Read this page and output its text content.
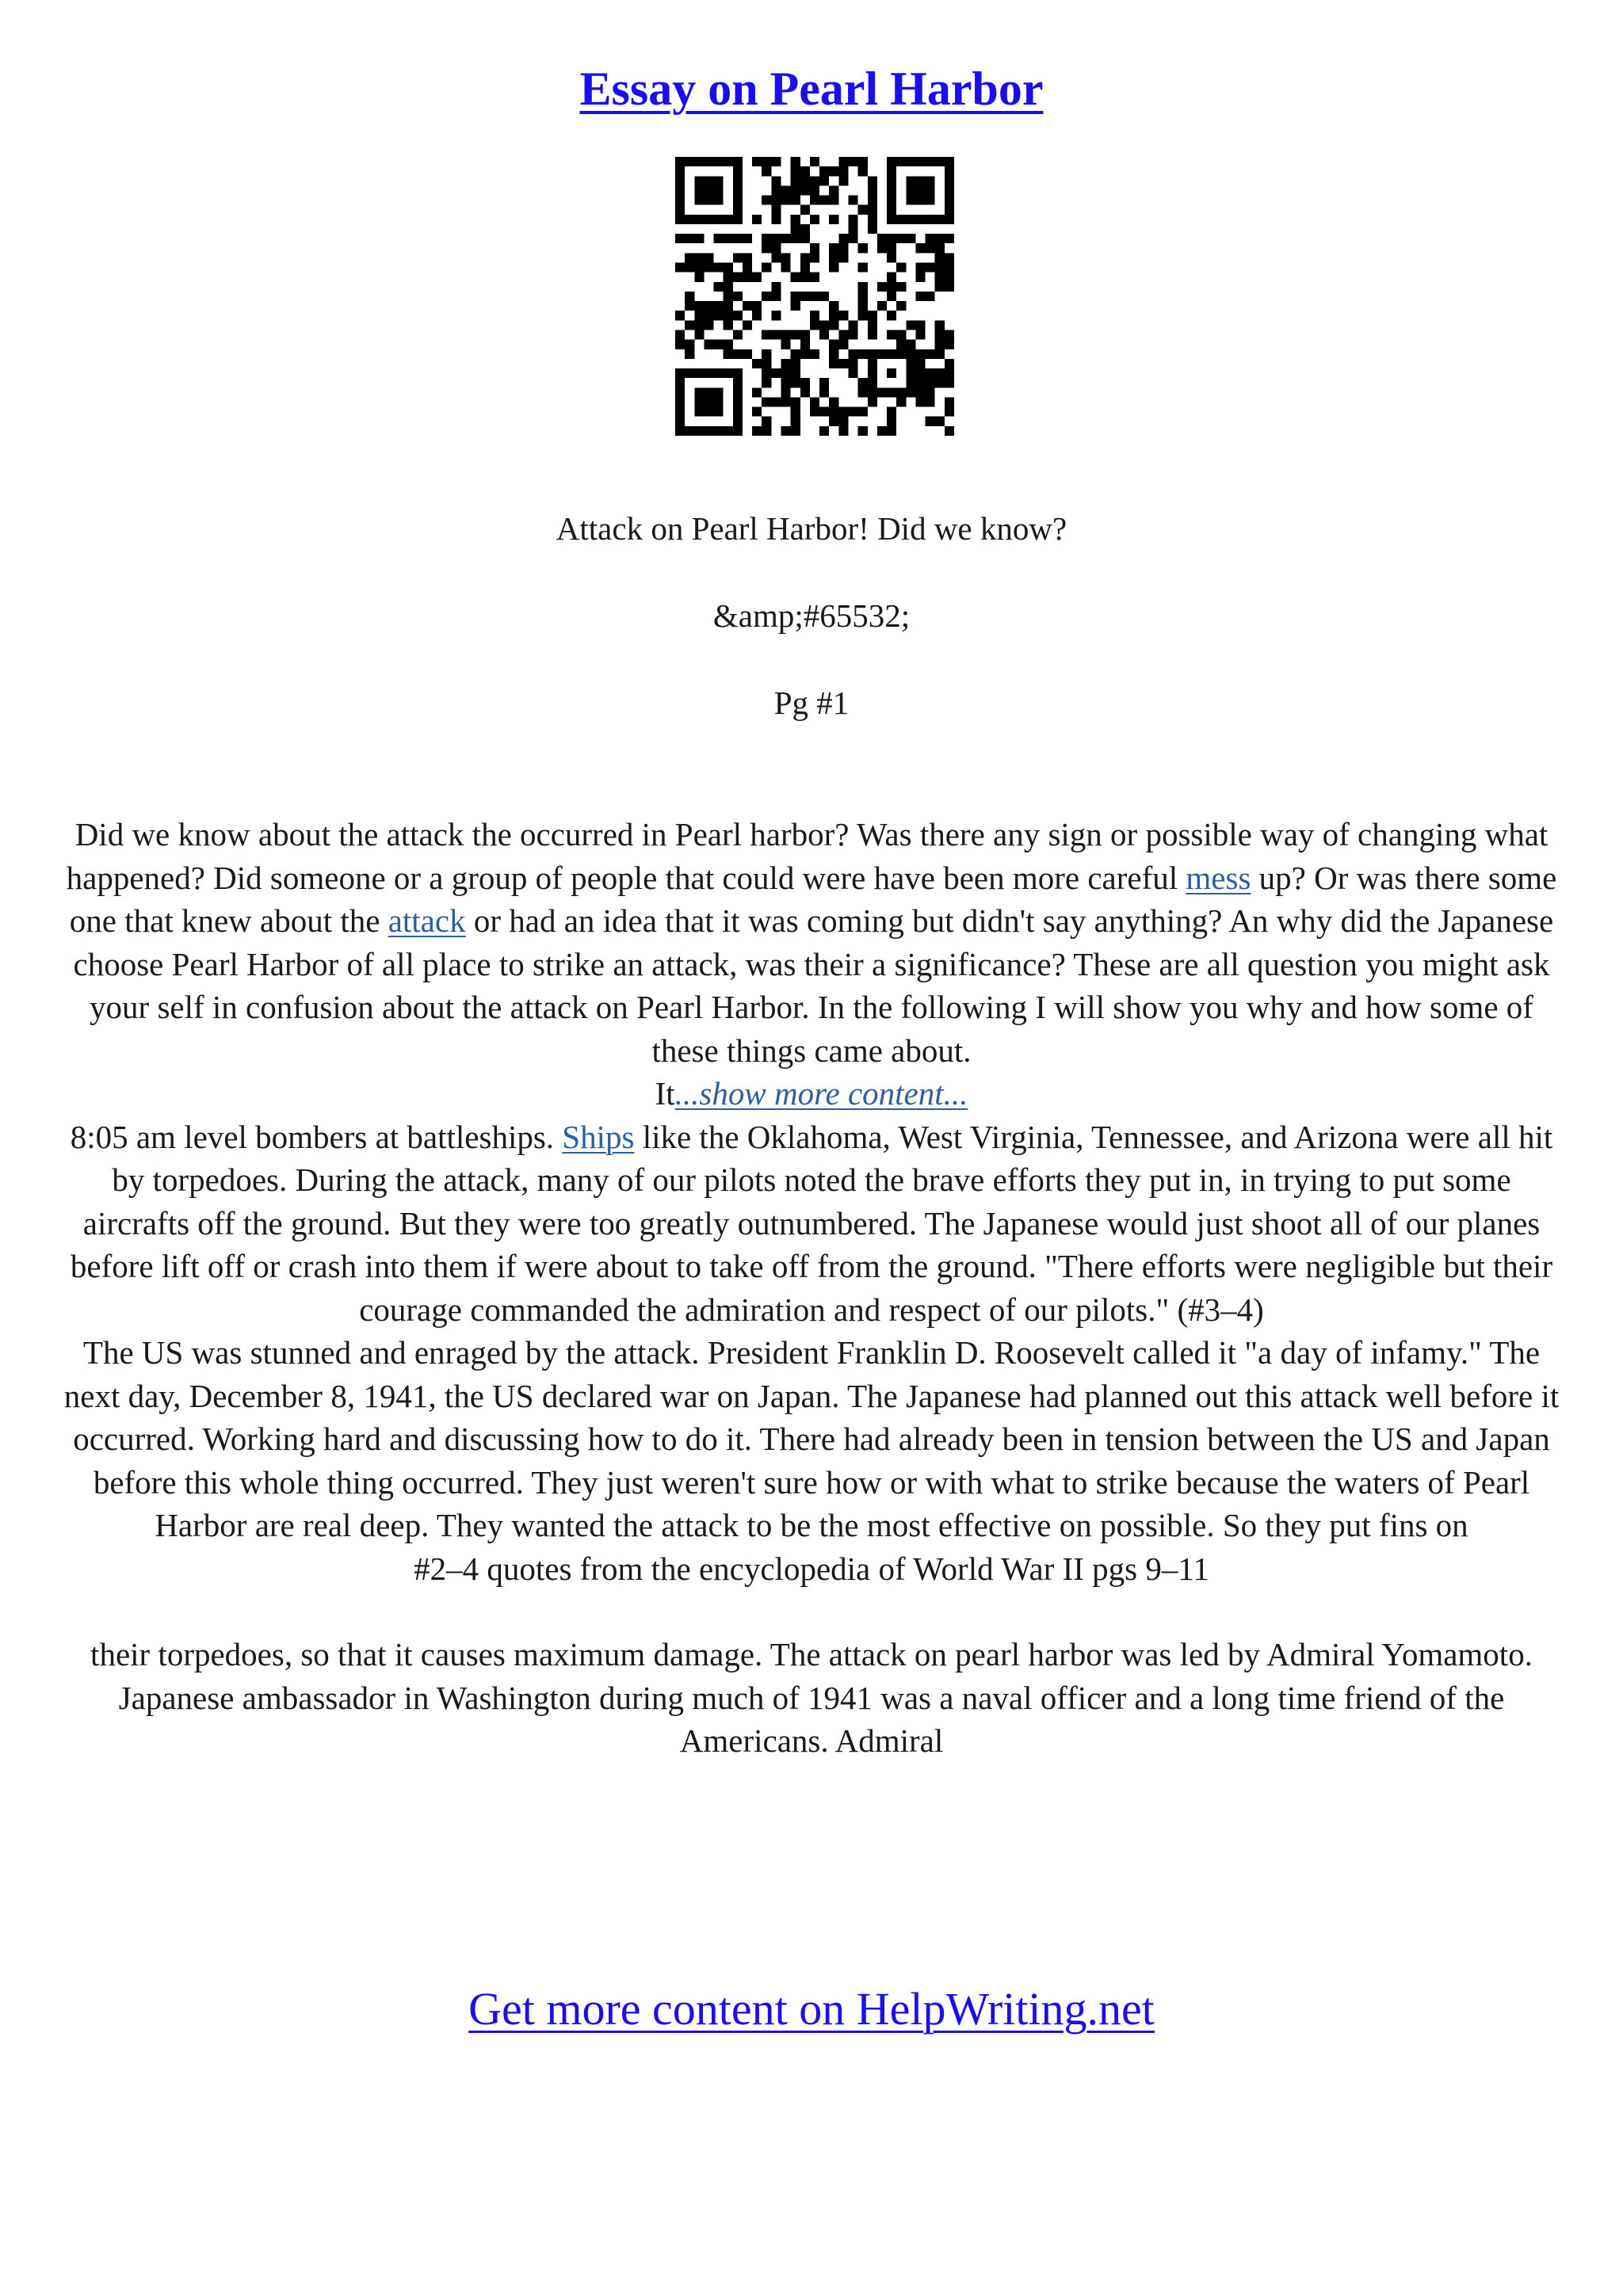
Essay on Pearl Harbor
Attack on Pearl Harbor! Did we know?
&amp;#65532;
Pg #1

Did we know about the attack the occurred in Pearl harbor? Was there any sign or possible way of changing what happened? Did someone or a group of people that could were have been more careful mess up? Or was there some one that knew about the attack or had an idea that it was coming but didn't say anything? An why did the Japanese choose Pearl Harbor of all place to strike an attack, was their a significance? These are all question you might ask your self in confusion about the attack on Pearl Harbor. In the following I will show you why and how some of these things came about.

It...show more content...

8:05 am level bombers at battleships. Ships like the Oklahoma, West Virginia, Tennessee, and Arizona were all hit by torpedoes. During the attack, many of our pilots noted the brave efforts they put in, in trying to put some aircrafts off the ground. But they were too greatly outnumbered. The Japanese would just shoot all of our planes before lift off or crash into them if were about to take off from the ground. "There efforts were negligible but their courage commanded the admiration and respect of our pilots." (#3–4)

The US was stunned and enraged by the attack. President Franklin D. Roosevelt called it "a day of infamy." The next day, December 8, 1941, the US declared war on Japan. The Japanese had planned out this attack well before it occurred. Working hard and discussing how to do it. There had already been in tension between the US and Japan before this whole thing occurred. They just weren't sure how or with what to strike because the waters of Pearl Harbor are real deep. They wanted the attack to be the most effective on possible. So they put fins on

#2–4 quotes from the encyclopedia of World War II pgs 9–11

their torpedoes, so that it causes maximum damage. The attack on pearl harbor was led by Admiral Yomamoto.

Japanese ambassador in Washington during much of 1941 was a naval officer and a long time friend of the Americans. Admiral

Get more content on HelpWriting.net
